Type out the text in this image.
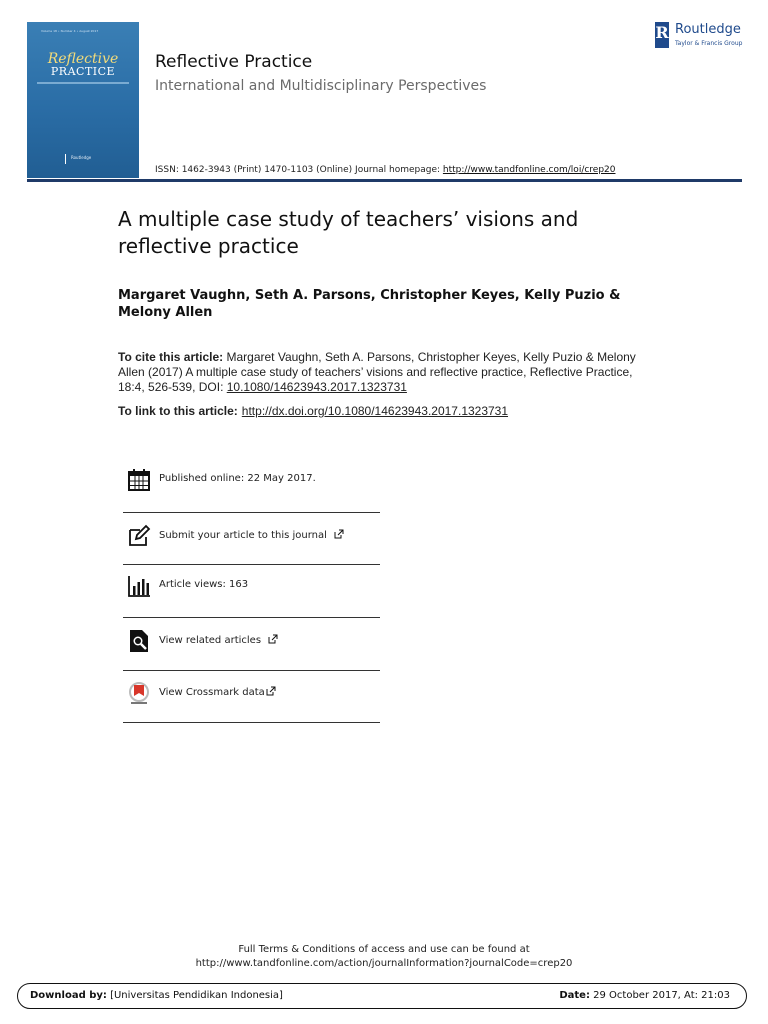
Volume 18 • Number 4 • August 2017
Reflective
PRACTICE
Routledge
Reflective Practice
International and Multidisciplinary Perspectives
ISSN: 1462-3943 (Print) 1470-1103 (Online) Journal homepage: http://www.tandfonline.com/loi/crep20
R Routledge
Taylor & Francis Group
A multiple case study of teachers’ visions and reflective practice
Margaret Vaughn, Seth A. Parsons, Christopher Keyes, Kelly Puzio & Melony Allen
To cite this article: Margaret Vaughn, Seth A. Parsons, Christopher Keyes, Kelly Puzio & Melony Allen (2017) A multiple case study of teachers’ visions and reflective practice, Reflective Practice, 18:4, 526-539, DOI: 10.1080/14623943.2017.1323731
To link to this article: http://dx.doi.org/10.1080/14623943.2017.1323731
Published online: 22 May 2017.
Submit your article to this journal
Article views: 163
View related articles
View Crossmark data
Full Terms & Conditions of access and use can be found at
http://www.tandfonline.com/action/journalInformation?journalCode=crep20
Download by: [Universitas Pendidikan Indonesia]	Date: 29 October 2017, At: 21:03
